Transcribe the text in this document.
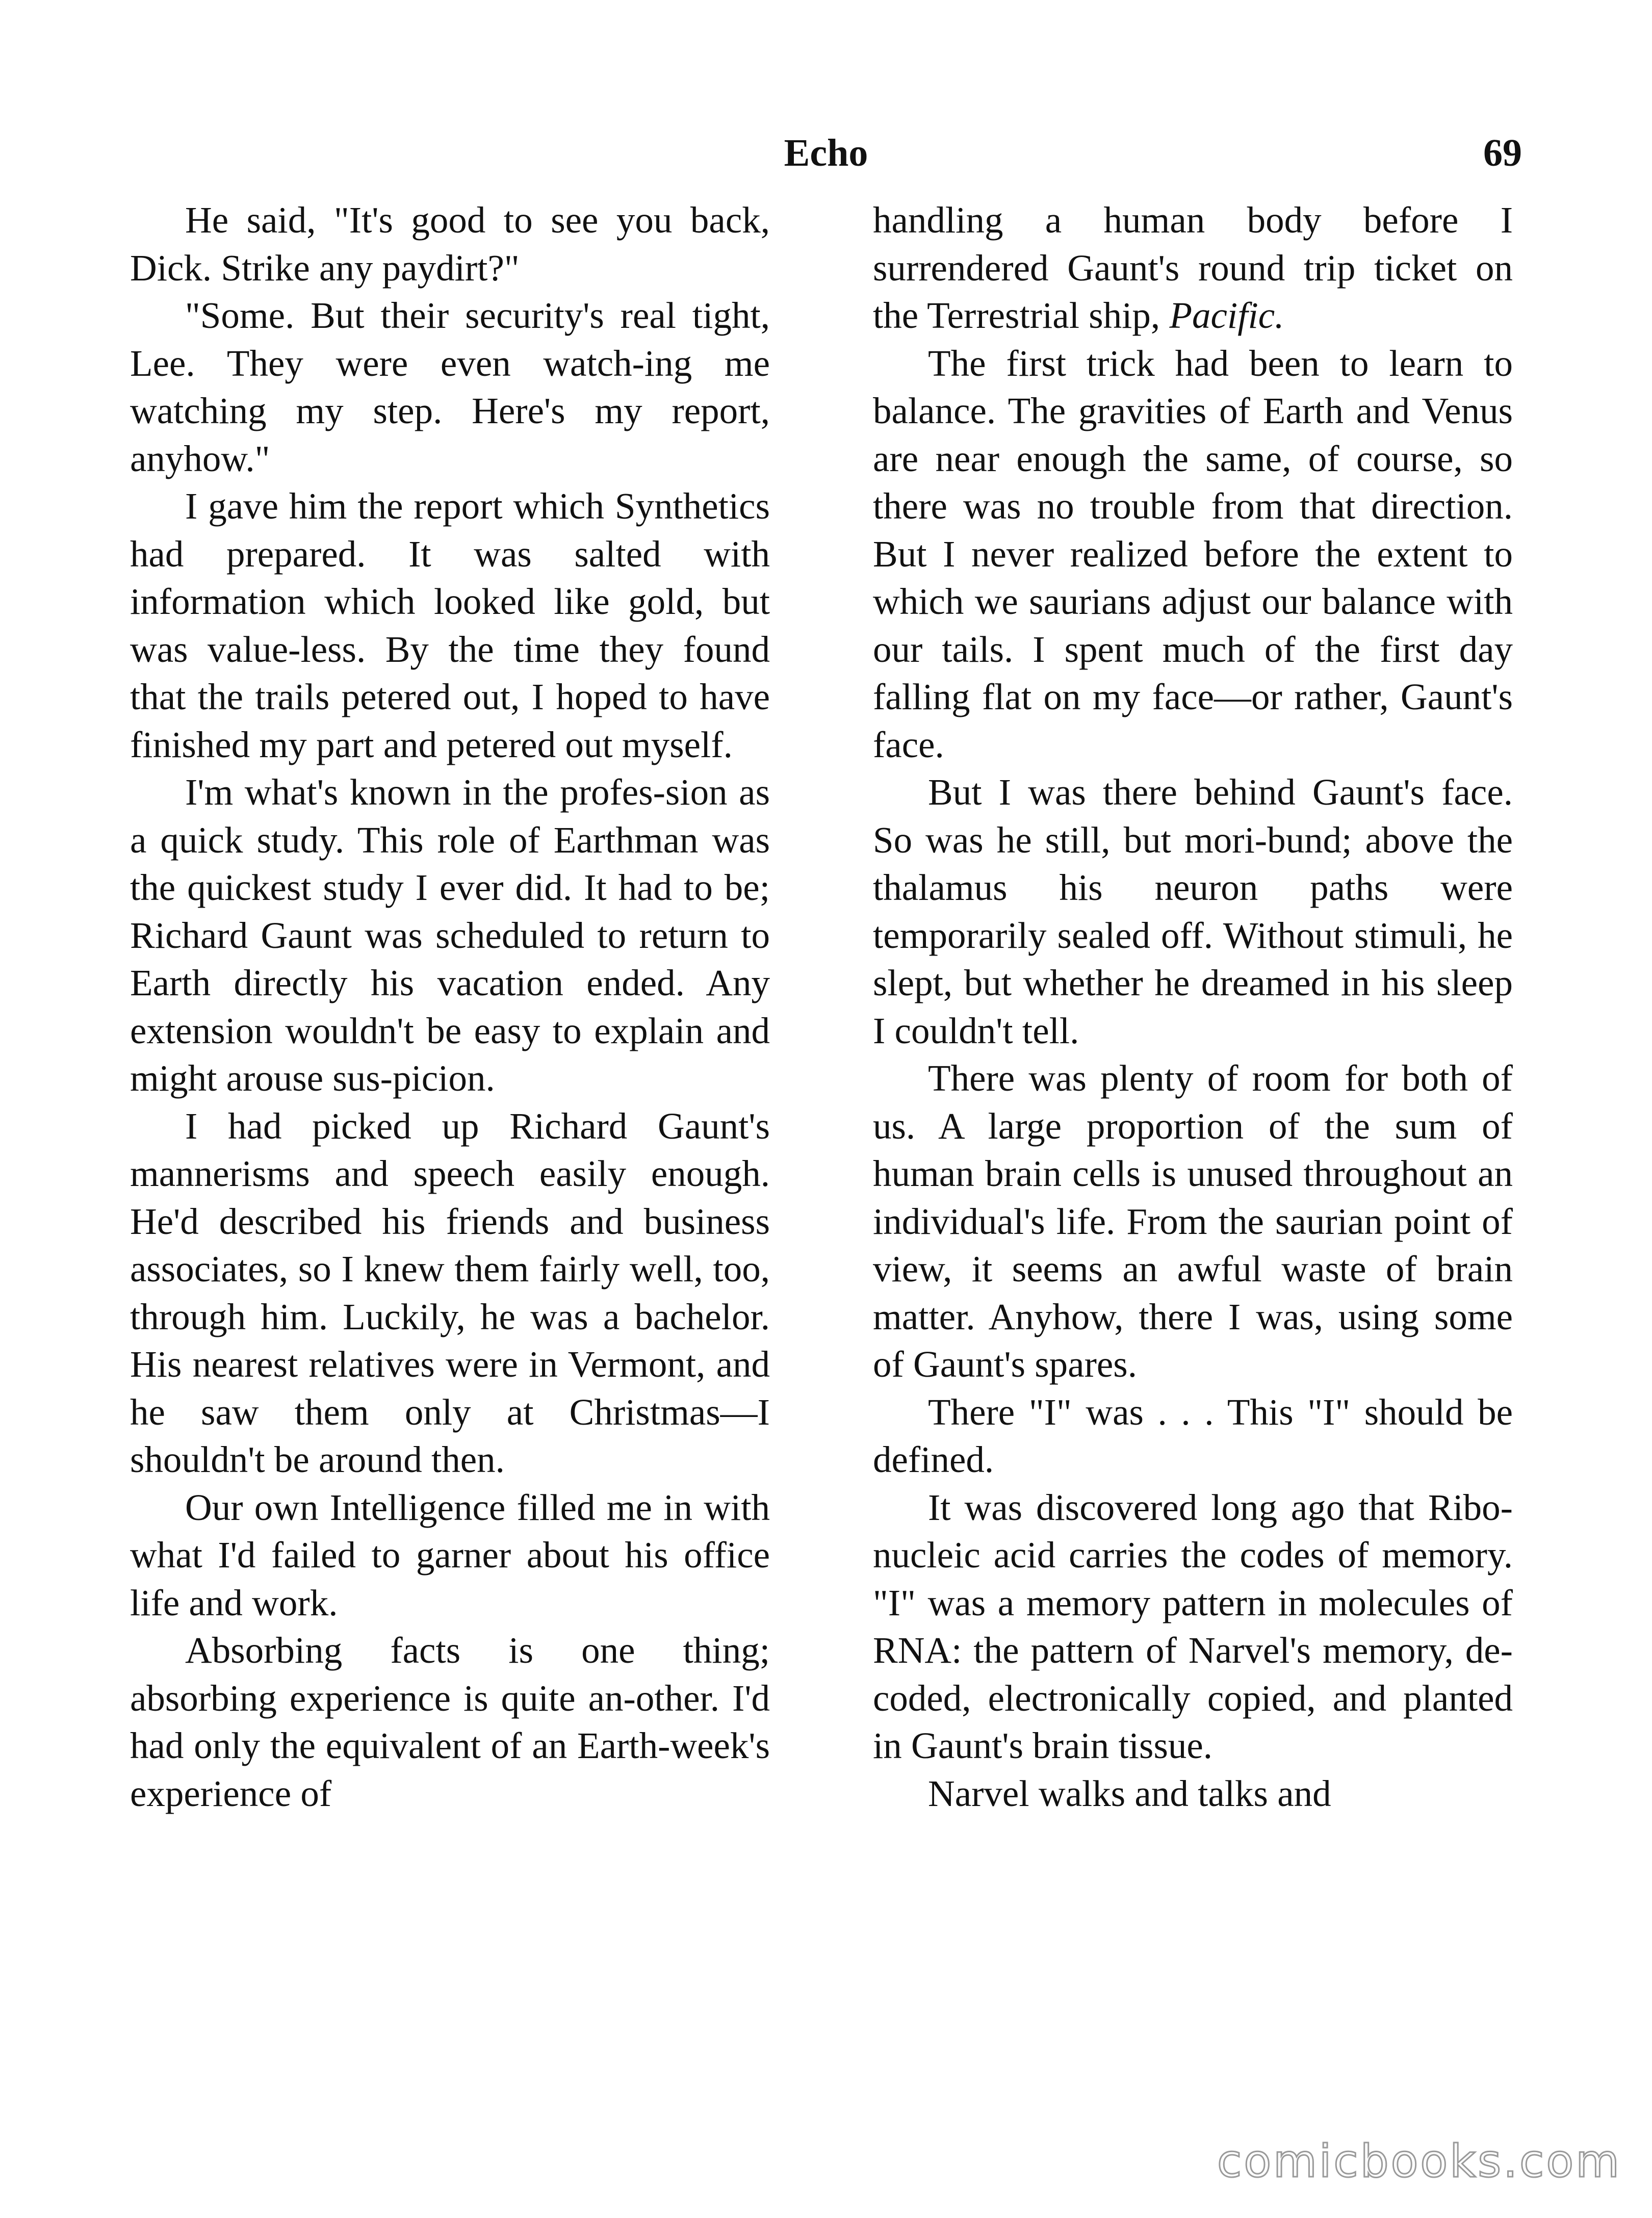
Echo	69

He said, "It's good to see you back, Dick. Strike any paydirt?"

"Some. But their security's real tight, Lee. They were even watch-ing me watching my step. Here's my report, anyhow."

I gave him the report which Synthetics had prepared. It was salted with information which looked like gold, but was value-less. By the time they found that the trails petered out, I hoped to have finished my part and petered out myself.

I'm what's known in the profes-sion as a quick study. This role of Earthman was the quickest study I ever did. It had to be; Richard Gaunt was scheduled to return to Earth directly his vacation ended. Any extension wouldn't be easy to explain and might arouse sus-picion.

I had picked up Richard Gaunt's mannerisms and speech easily enough. He'd described his friends and business associates, so I knew them fairly well, too, through him. Luckily, he was a bachelor. His nearest relatives were in Vermont, and he saw them only at Christmas—I shouldn't be around then.

Our own Intelligence filled me in with what I'd failed to garner about his office life and work.

Absorbing facts is one thing; absorbing experience is quite an-other. I'd had only the equivalent of an Earth-week's experience of

handling a human body before I surrendered Gaunt's round trip ticket on the Terrestrial ship, Pacific.

The first trick had been to learn to balance. The gravities of Earth and Venus are near enough the same, of course, so there was no trouble from that direction. But I never realized before the extent to which we saurians adjust our balance with our tails. I spent much of the first day falling flat on my face—or rather, Gaunt's face.

But I was there behind Gaunt's face. So was he still, but mori-bund; above the thalamus his neuron paths were temporarily sealed off. Without stimuli, he slept, but whether he dreamed in his sleep I couldn't tell.

There was plenty of room for both of us. A large proportion of the sum of human brain cells is unused throughout an individual's life. From the saurian point of view, it seems an awful waste of brain matter. Anyhow, there I was, using some of Gaunt's spares.

There "I" was . . . This "I" should be defined.

It was discovered long ago that Ribo-nucleic acid carries the codes of memory. "I" was a memory pattern in molecules of RNA: the pattern of Narvel's memory, de-coded, electronically copied, and planted in Gaunt's brain tissue.

Narvel walks and talks and

comicbooks.com
